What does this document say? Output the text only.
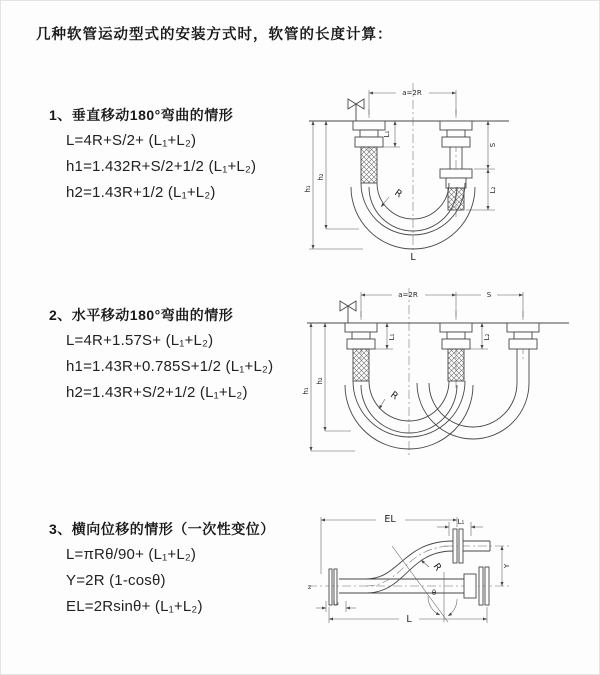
几种软管运动型式的安装方式时，软管的长度计算：
1、垂直移动180°弯曲的情形
L=4R+S/2+ (L₁+L₂)
h1=1.432R+S/2+1/2 (L₁+L₂)
h2=1.43R+1/2 (L₁+L₂)
a=2R
h₁
h₂
L₁
S
L₂
R
L
2、水平移动180°弯曲的情形
L=4R+1.57S+ (L₁+L₂)
h1=1.43R+0.785S+1/2 (L₁+L₂)
h2=1.43R+S/2+1/2 (L₁+L₂)
a=2R	S
h₁
h₂
L₁	L₂
R
3、横向位移的情形（一次性变位）
L=πRθ/90+ (L₁+L₂)
Y=2R (1-cosθ)
EL=2Rsinθ+ (L₁+L₂)
z
EL	L₁
Y
L
L₂
θ
R
